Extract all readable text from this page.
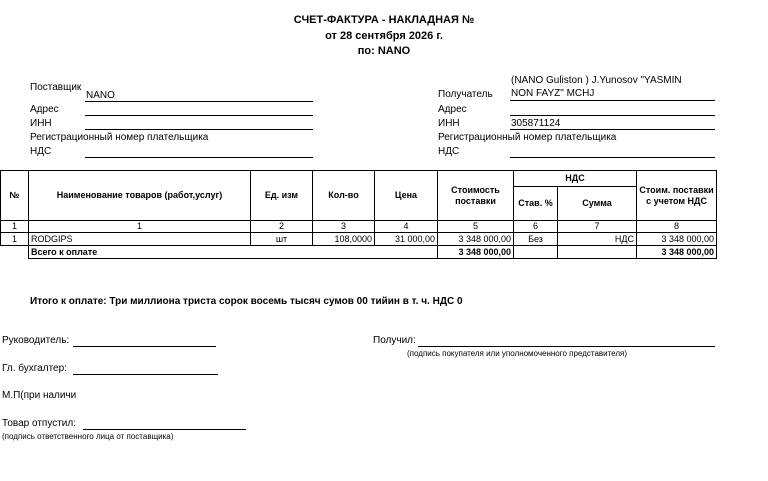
СЧЕТ-ФАКТУРА - НАКЛАДНАЯ №
от 28 сентября 2026 г.
по: NANO
Поставщик
NANO
Адрес
ИНН
Регистрационный номер плательщика
НДС
(NANO Guliston ) J.Yunosov "YASMIN
Получатель NON FAYZ" MCHJ
Адрес
ИНН	305871124
Регистрационный номер плательщика
НДС
№	Наименование товаров (работ,услуг)	Ед. изм	Кол-во	Цена	Стоимость поставки	НДС		Стоим. поставки с учетом НДС
						Став. %	Сумма	
1	1	2	3	4	5	6	7	8
1	RODGIPS	шт	108,0000	31 000,00	3 348 000,00	Без	НДС	3 348 000,00
	Всего к оплате				3 348 000,00			3 348 000,00
Итого к оплате: Три миллиона триста сорок восемь тысяч сумов 00 тийин в т. ч. НДС 0
Руководитель:
Гл. бухгалтер:
М.П(при наличи
Товар отпустил:
(подпись ответственного лица от поставщика)
Получил:
(подпись покупателя или уполномоченного представителя)
